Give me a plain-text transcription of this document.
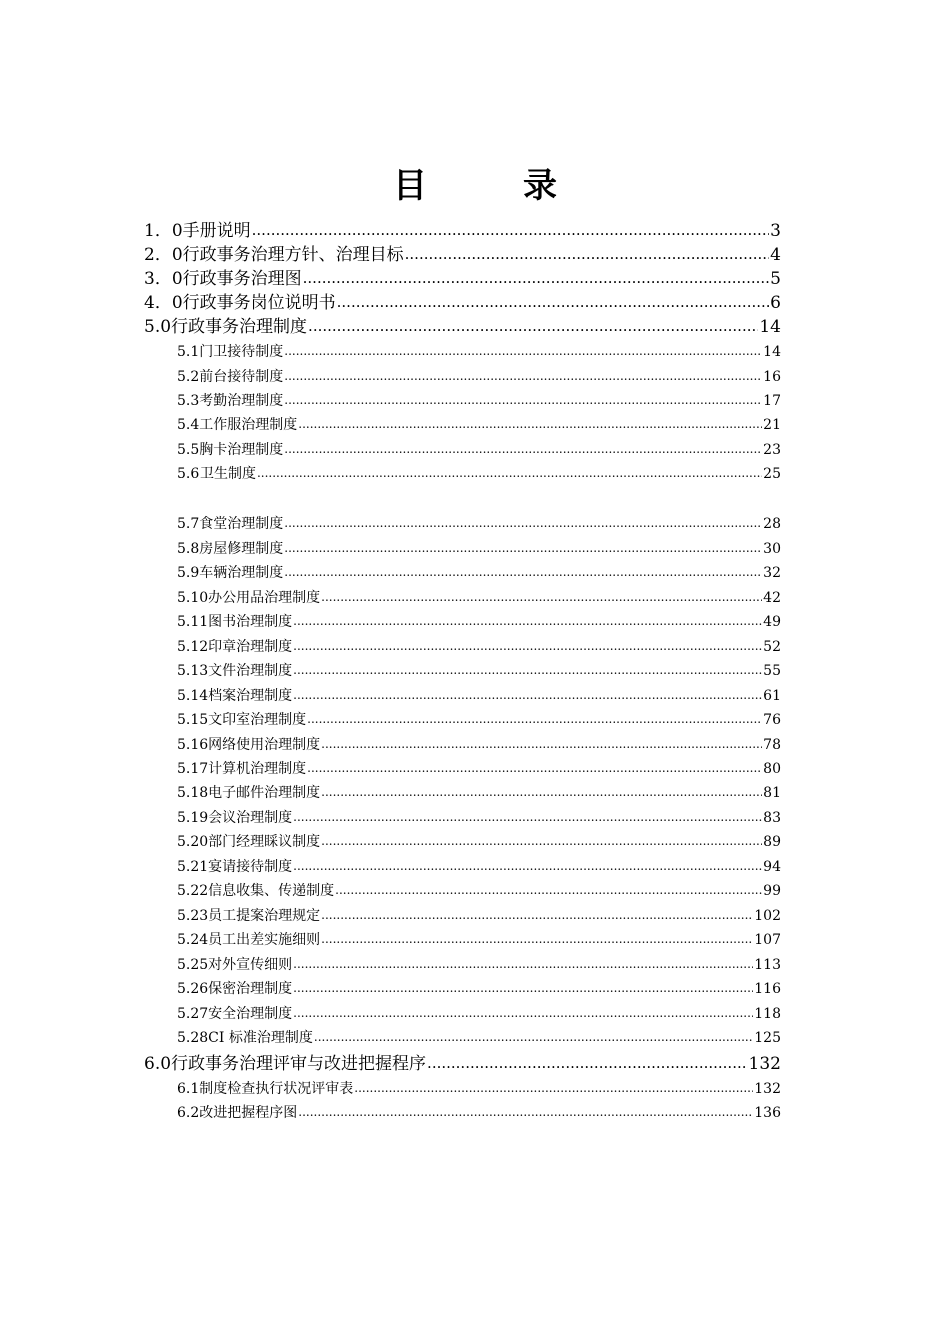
目	录
1．0 手册说明 .....	3
2．0 行政事务治理方针、治理目标 .....	4
3．0 行政事务治理图 .....	5
4．0 行政事务岗位说明书 .....	6
5.0 行政事务治理制度 .....	14
5.1 门卫接待制度 .....	14
5.2 前台接待制度 .....	16
5.3 考勤治理制度 .....	17
5.4 工作服治理制度 .....	21
5.5 胸卡治理制度 .....	23
5.6 卫生制度 .....	25
5.7 食堂治理制度 .....	28
5.8 房屋修理制度 .....	30
5.9 车辆治理制度 .....	32
5.10 办公用品治理制度 .....	42
5.11 图书治理制度 .....	49
5.12 印章治理制度 .....	52
5.13 文件治理制度 .....	55
5.14 档案治理制度 .....	61
5.15 文印室治理制度 .....	76
5.16 网络使用治理制度 .....	78
5.17 计算机治理制度 .....	80
5.18 电子邮件治理制度 .....	81
5.19 会议治理制度 .....	83
5.20 部门经理睬议制度 .....	89
5.21 宴请接待制度 .....	94
5.22 信息收集、传递制度 .....	99
5.23 员工提案治理规定 .....	102
5.24 员工出差实施细则 .....	107
5.25 对外宣传细则 .....	113
5.26 保密治理制度 .....	116
5.27 安全治理制度 .....	118
5.28 CI 标准治理制度 .....	125
6.0 行政事务治理评审与改进把握程序 .....	132
6.1 制度检查执行状况评审表 .....	132
6.2 改进把握程序图 .....	136
